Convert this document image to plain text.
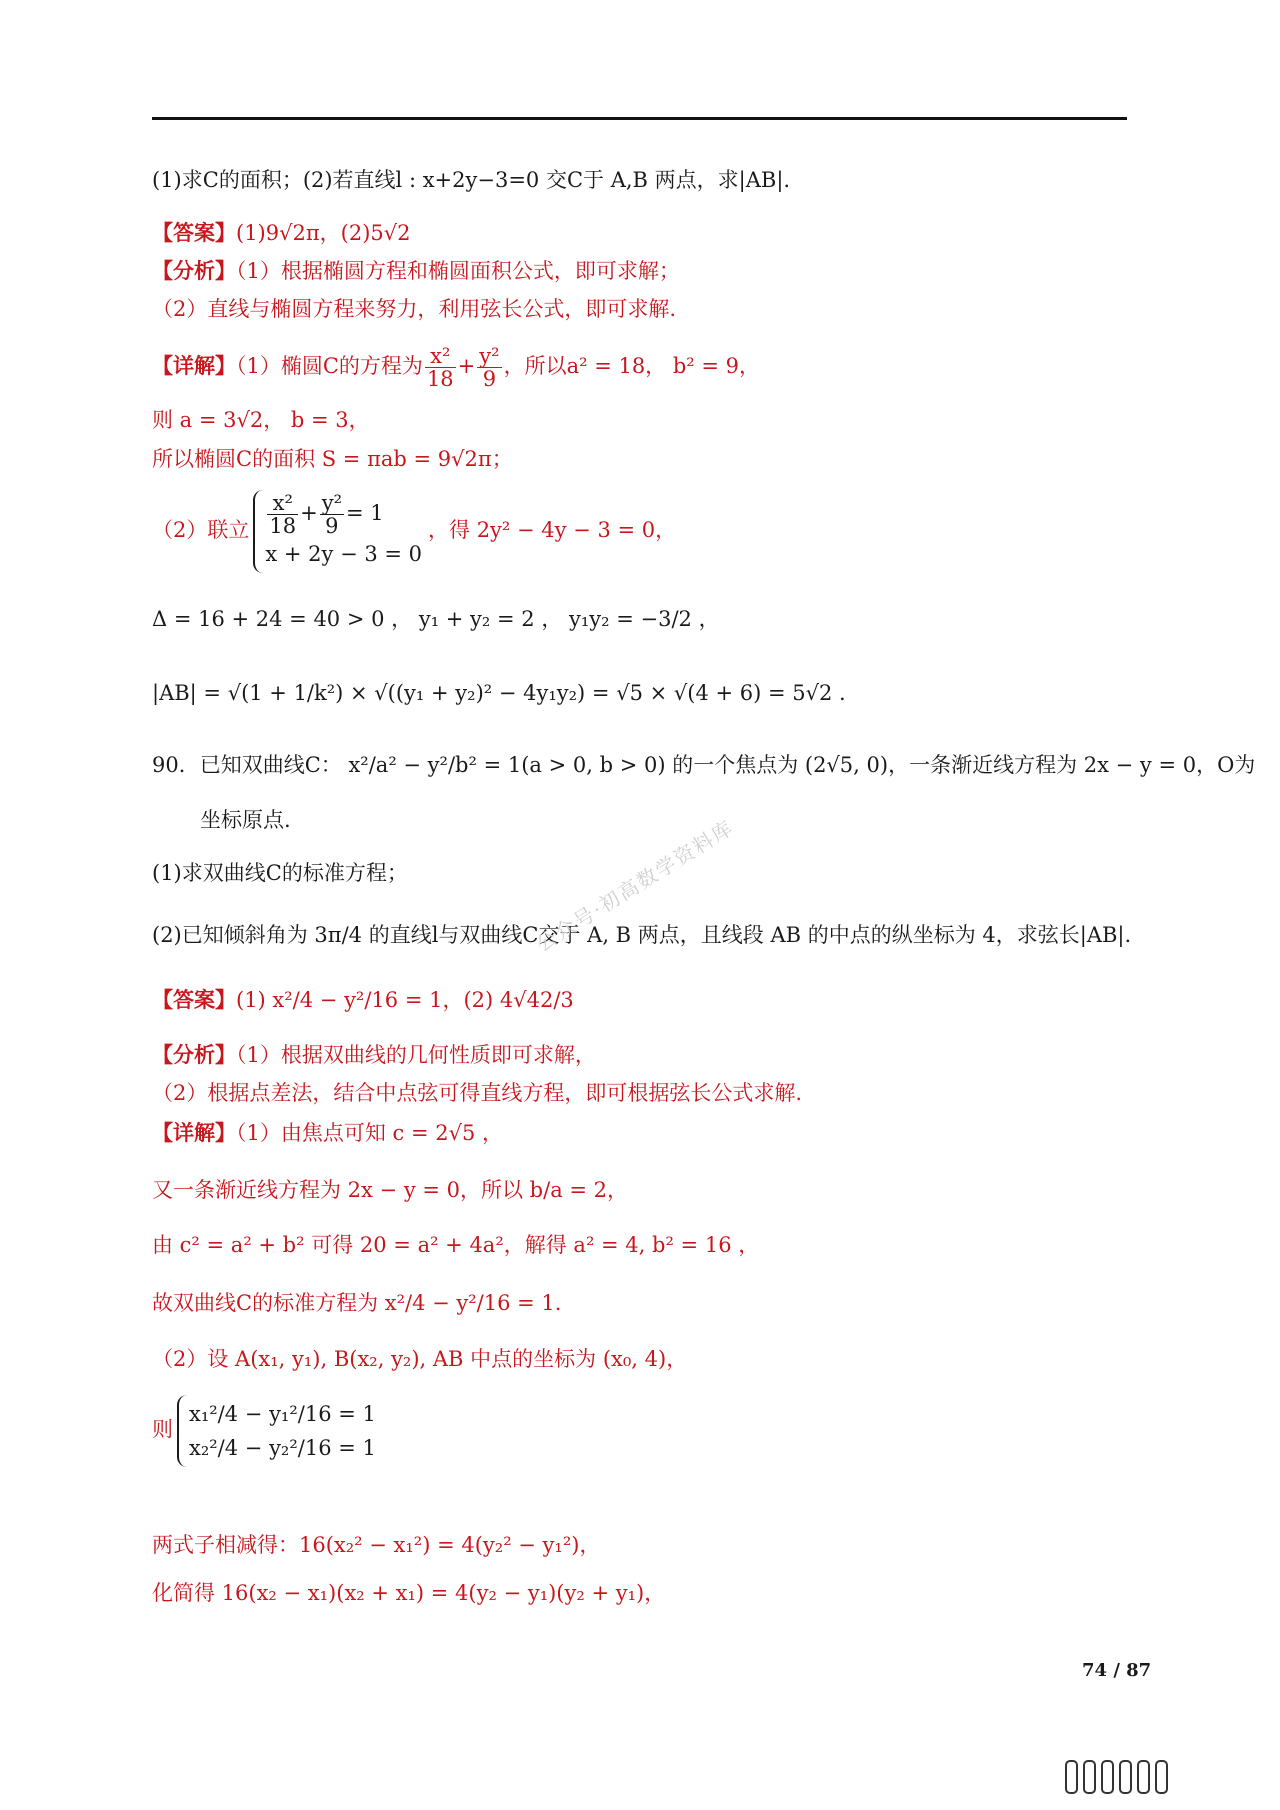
(1)求C的面积；(2)若直线l : x+2y−3=0 交C于 A,B 两点，求|AB|.
【答案】(1)9√2π，(2)5√2
【分析】（1）根据椭圆方程和椭圆面积公式，即可求解；
（2）直线与椭圆方程来努力，利用弦长公式，即可求解.
【详解】（1）椭圆C的方程为 $\frac{\text{x²}}{18} + \frac{\text{y²}}{9}$ ，所以a² = 18， b² = 9，
则 a = 3√2， b = 3，
所以椭圆C的面积 S = πab = 9√2π；
（2）联立 $\frac{\text{x²}}{18} + \frac{\text{y²}}{9} = 1$
x + 2y − 3 = 0
，得 2y² − 4y − 3 = 0，
Δ = 16 + 24 = 40 > 0 ， y₁ + y₂ = 2 ， y₁y₂ = −3/2 ，
|AB| = √(1 + 1/k²) × √((y₁ + y₂)² − 4y₁y₂) = √5 × √(4 + 6) = 5√2 .
90．已知双曲线C： x²/a² − y²/b² = 1(a > 0, b > 0) 的一个焦点为 (2√5, 0)，一条渐近线方程为 2x − y = 0，O为
坐标原点.
(1)求双曲线C的标准方程；
(2)已知倾斜角为 3π/4 的直线l与双曲线C交于 A, B 两点，且线段 AB 的中点的纵坐标为 4，求弦长|AB|.
【答案】(1) x²/4 − y²/16 = 1，(2) 4√42/3
【分析】（1）根据双曲线的几何性质即可求解，
（2）根据点差法，结合中点弦可得直线方程，即可根据弦长公式求解.
【详解】（1）由焦点可知 c = 2√5 ，
又一条渐近线方程为 2x − y = 0，所以 b/a = 2，
由 c² = a² + b² 可得 20 = a² + 4a²，解得 a² = 4, b² = 16 ，
故双曲线C的标准方程为 x²/4 − y²/16 = 1.
（2）设 A(x₁, y₁), B(x₂, y₂), AB 中点的坐标为 (x₀, 4)，
则
x₁²/4 − y₁²/16 = 1
x₂²/4 − y₂²/16 = 1
两式子相减得：16(x₂² − x₁²) = 4(y₂² − y₁²)，
化简得 16(x₂ − x₁)(x₂ + x₁) = 4(y₂ − y₁)(y₂ + y₁)，
公众号·初高数学资料库
74 / 87
